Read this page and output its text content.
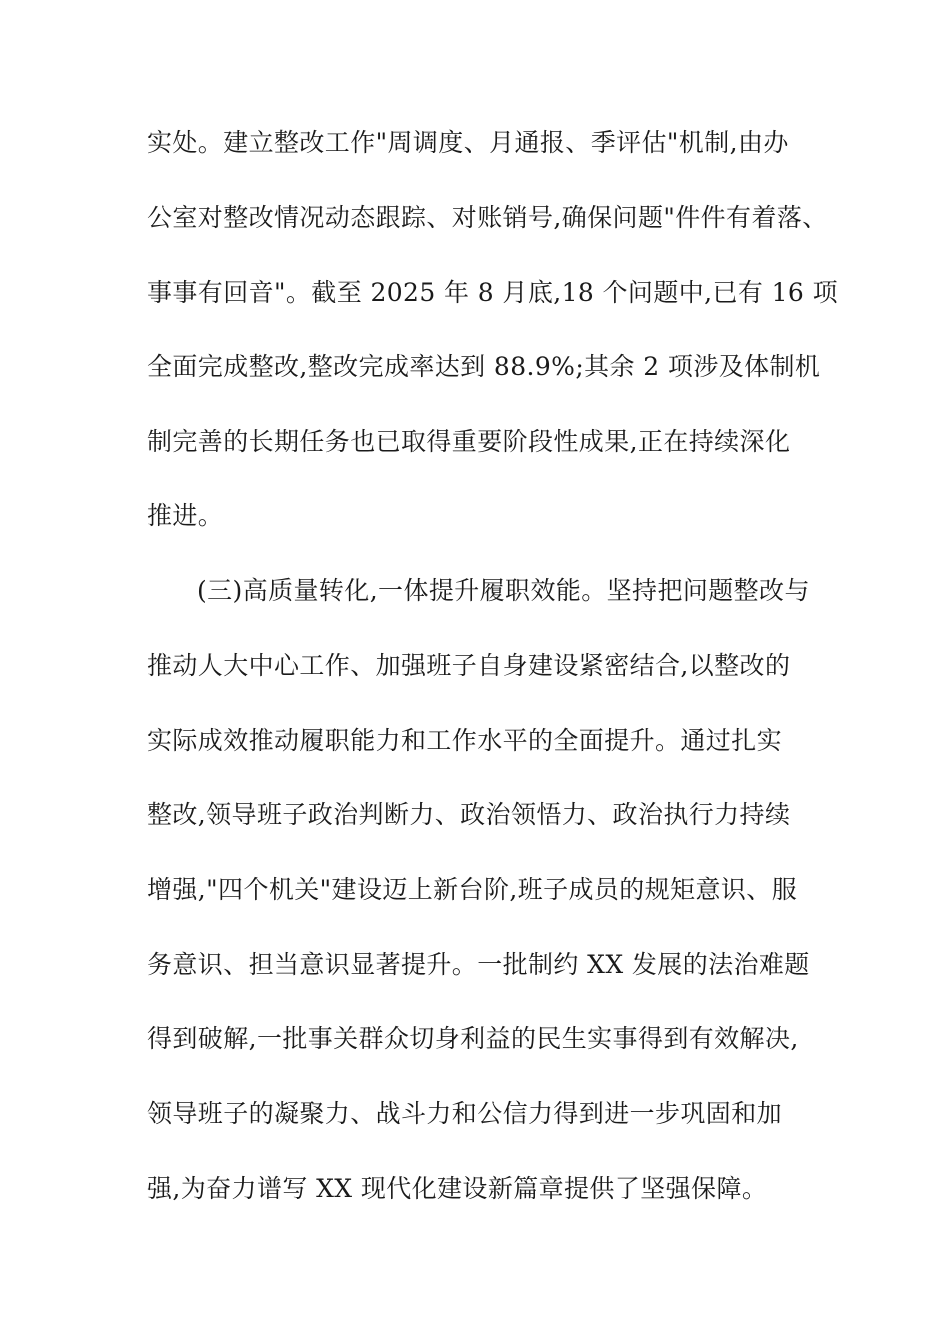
实处。建立整改工作"周调度、月通报、季评估"机制,由办
公室对整改情况动态跟踪、对账销号,确保问题"件件有着落、
事事有回音"。截至 2025 年 8 月底,18 个问题中,已有 16 项
全面完成整改,整改完成率达到 88.9%;其余 2 项涉及体制机
制完善的长期任务也已取得重要阶段性成果,正在持续深化
推进。
(三)高质量转化,一体提升履职效能。坚持把问题整改与
推动人大中心工作、加强班子自身建设紧密结合,以整改的
实际成效推动履职能力和工作水平的全面提升。通过扎实
整改,领导班子政治判断力、政治领悟力、政治执行力持续
增强,"四个机关"建设迈上新台阶,班子成员的规矩意识、服
务意识、担当意识显著提升。一批制约 XX 发展的法治难题
得到破解,一批事关群众切身利益的民生实事得到有效解决,
领导班子的凝聚力、战斗力和公信力得到进一步巩固和加
强,为奋力谱写 XX 现代化建设新篇章提供了坚强保障。
